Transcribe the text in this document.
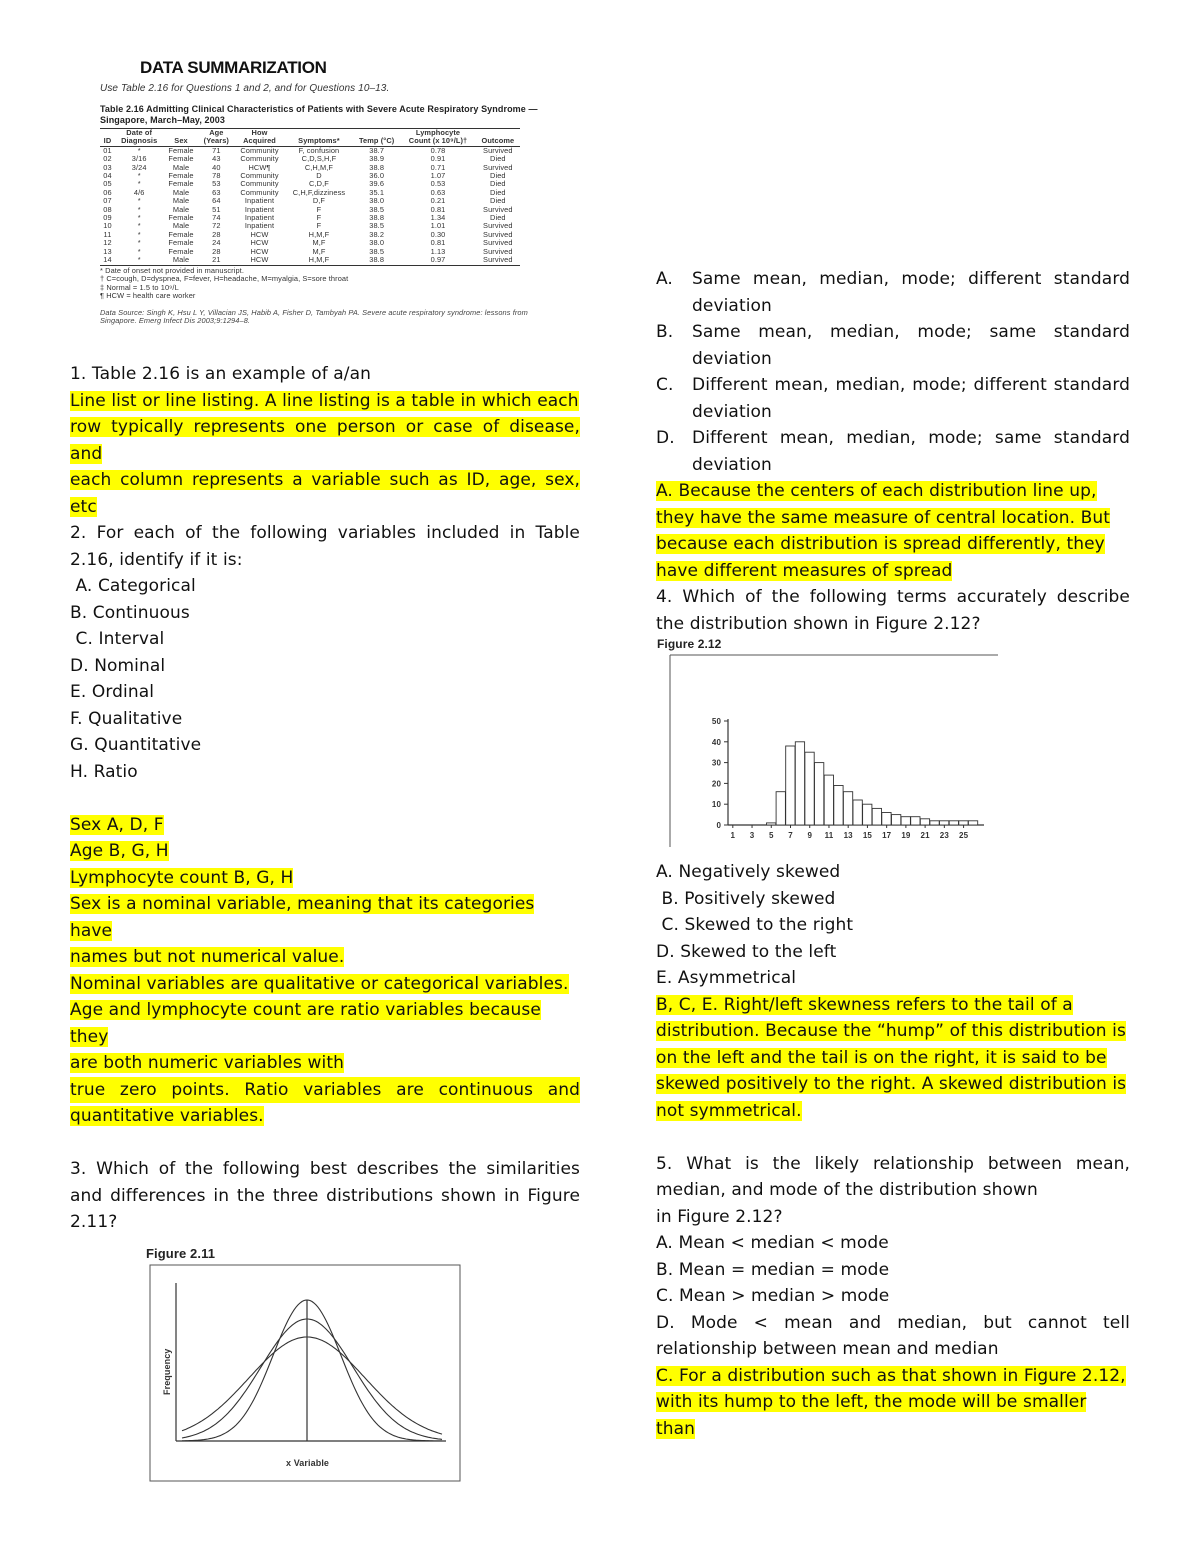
DATA SUMMARIZATION
Use Table 2.16 for Questions 1 and 2, and for Questions 10–13.
Table 2.16 Admitting Clinical Characteristics of Patients with Severe Acute Respiratory Syndrome — Singapore, March–May, 2003
	Date of		Age	How			Lymphocyte	
ID	Diagnosis	Sex	(Years)	Acquired	Symptoms*	Temp (°C)	Count (x 10⁹/L)†	Outcome
01	*	Female	71	Community	F, confusion	38.7	0.78	Survived
02	3/16	Female	43	Community	C,D,S,H,F	38.9	0.91	Died
03	3/24	Male	40	HCW¶	C,H,M,F	38.8	0.71	Survived
04	*	Female	78	Community	D	36.0	1.07	Died
05	*	Female	53	Community	C,D,F	39.6	0.53	Died
06	4/6	Male	63	Community	C,H,F,dizziness	35.1	0.63	Died
07	*	Male	64	Inpatient	D,F	38.0	0.21	Died
08	*	Male	51	Inpatient	F	38.5	0.81	Survived
09	*	Female	74	Inpatient	F	38.8	1.34	Died
10	*	Male	72	Inpatient	F	38.5	1.01	Survived
11	*	Female	28	HCW	H,M,F	38.2	0.30	Survived
12	*	Female	24	HCW	M,F	38.0	0.81	Survived
13	*	Female	28	HCW	M,F	38.5	1.13	Survived
14	*	Male	21	HCW	H,M,F	38.8	0.97	Survived
* Date of onset not provided in manuscript.
† C=cough, D=dyspnea, F=fever, H=headache, M=myalgia, S=sore throat
‡ Normal = 1.5 to 10⁹/L
¶ HCW = health care worker
Data Source: Singh K, Hsu L Y, Villacian JS, Habib A, Fisher D, Tambyah PA. Severe acute respiratory syndrome: lessons from Singapore. Emerg Infect Dis 2003;9:1294–8.
1. Table 2.16 is an example of a/an
Line list or line listing. A line listing is a table in which each
row typically represents one person or case of disease, and
each column represents a variable such as ID, age, sex, etc
2. For each of the following variables included in Table 2.16, identify if it is:
A. Categorical
B. Continuous
C. Interval
D. Nominal
E. Ordinal
F. Qualitative
G. Quantitative
H. Ratio
Sex A, D, F
Age B, G, H
Lymphocyte count B, G, H
Sex is a nominal variable, meaning that its categories have
names but not numerical value.
Nominal variables are qualitative or categorical variables.
Age and lymphocyte count are ratio variables because they
are both numeric variables with

true zero points. Ratio variables are continuous and
quantitative variables.
3. Which of the following best describes the similarities and differences in the three distributions shown in Figure 2.11?
Figure 2.11
Frequency
x Variable
A.	Same mean, median, mode; different standard deviation
B.	Same mean, median, mode; same standard deviation
C.	Different mean, median, mode; different standard deviation
D.	Different mean, median, mode; same standard deviation
A. Because the centers of each distribution line up,
they have the same measure of central location. But
because each distribution is spread differently, they
have different measures of spread
4. Which of the following terms accurately describe the distribution shown in Figure 2.12?
Figure 2.12
0
10
20
30
40
50
1 3 5 7 9 11 13 15 17 19 21 23 25
A. Negatively skewed
B. Positively skewed
C. Skewed to the right
D. Skewed to the left
E. Asymmetrical
B, C, E. Right/left skewness refers to the tail of a
distribution. Because the “hump” of this distribution is
on the left and the tail is on the right, it is said to be
skewed positively to the right. A skewed distribution is
not symmetrical.
5. What is the likely relationship between mean, median, and mode of the distribution shown
in Figure 2.12?
A. Mean < median < mode
B. Mean = median = mode
C. Mean > median > mode
D. Mode < mean and median, but cannot tell relationship between mean and median
C. For a distribution such as that shown in Figure 2.12,
with its hump to the left, the mode will be smaller than
